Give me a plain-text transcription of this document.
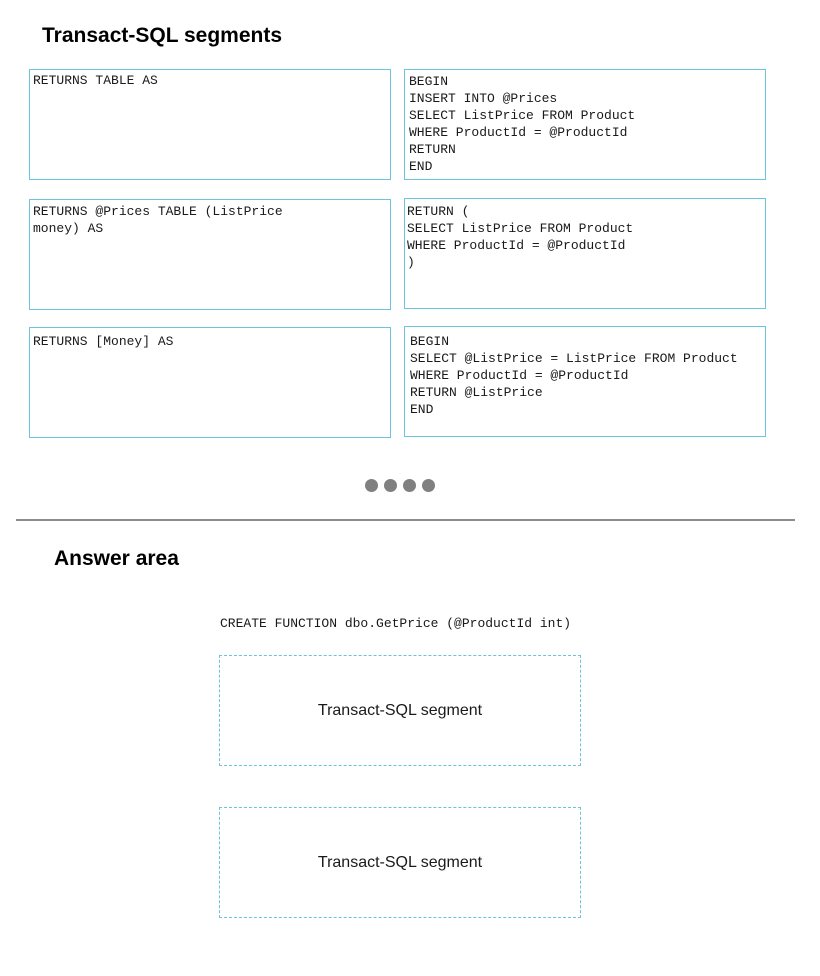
Transact-SQL segments
RETURNS TABLE AS	BEGIN
INSERT INTO @Prices
SELECT ListPrice FROM Product
WHERE ProductId = @ProductId
RETURN
END
RETURNS @Prices TABLE (ListPrice
money) AS
RETURN (
SELECT ListPrice FROM Product
WHERE ProductId = @ProductId
)
RETURNS [Money] AS	BEGIN
SELECT @ListPrice = ListPrice FROM Product
WHERE ProductId = @ProductId
RETURN @ListPrice
END
Answer area
CREATE FUNCTION dbo.GetPrice (@ProductId int)
Transact-SQL segment
Transact-SQL segment
